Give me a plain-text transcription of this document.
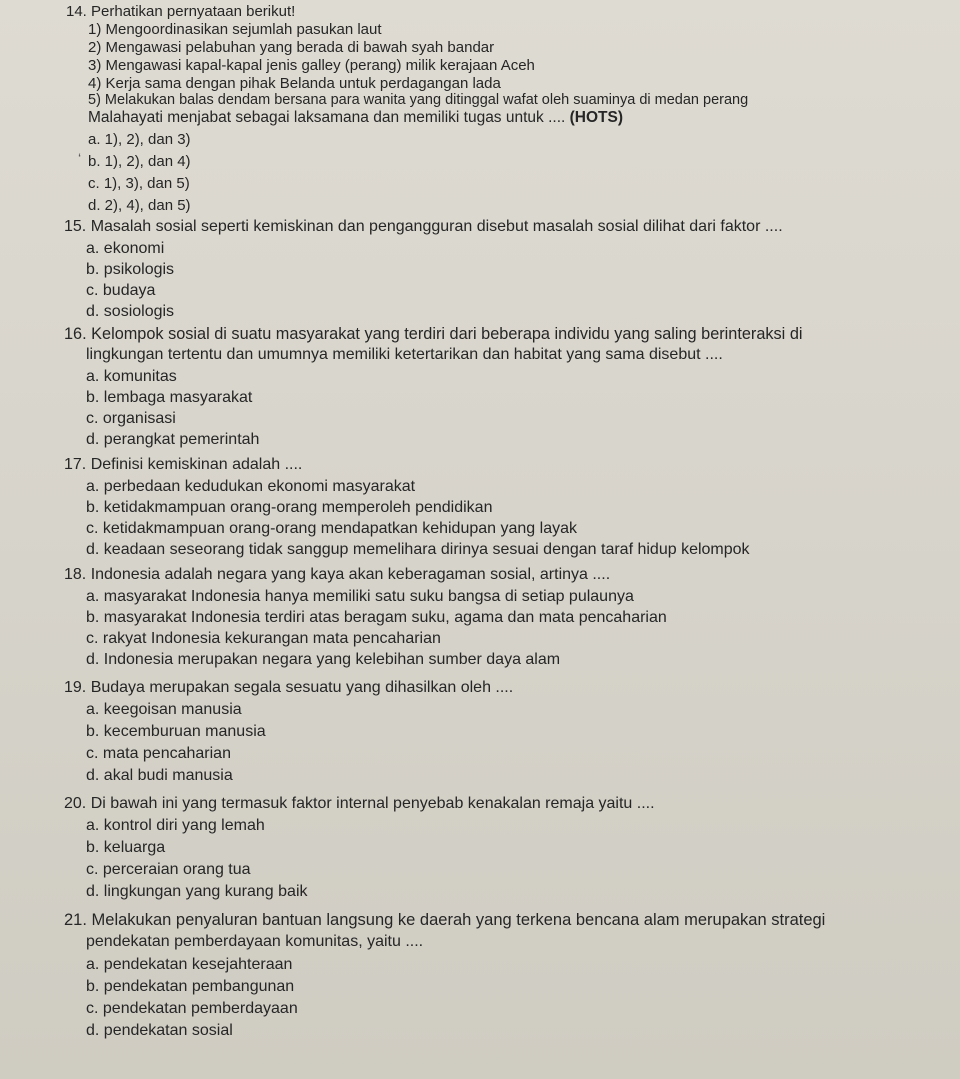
14. Perhatikan pernyataan berikut!
1) Mengoordinasikan sejumlah pasukan laut
2) Mengawasi pelabuhan yang berada di bawah syah bandar
3) Mengawasi kapal-kapal jenis galley (perang) milik kerajaan Aceh
4) Kerja sama dengan pihak Belanda untuk perdagangan lada
5) Melakukan balas dendam bersana para wanita yang ditinggal wafat oleh suaminya di medan perang
Malahayati menjabat sebagai laksamana dan memiliki tugas untuk .... (HOTS)
a. 1), 2), dan 3)
b. 1), 2), dan 4)
c. 1), 3), dan 5)
d. 2), 4), dan 5)
15. Masalah sosial seperti kemiskinan dan pengangguran disebut masalah sosial dilihat dari faktor ....
a. ekonomi
b. psikologis
c. budaya
d. sosiologis
16. Kelompok sosial di suatu masyarakat yang terdiri dari beberapa individu yang saling berinteraksi di
lingkungan tertentu dan umumnya memiliki ketertarikan dan habitat yang sama disebut ....
a. komunitas
b. lembaga masyarakat
c. organisasi
d. perangkat pemerintah
17. Definisi kemiskinan adalah ....
a. perbedaan kedudukan ekonomi masyarakat
b. ketidakmampuan orang-orang memperoleh pendidikan
c. ketidakmampuan orang-orang mendapatkan kehidupan yang layak
d. keadaan seseorang tidak sanggup memelihara dirinya sesuai dengan taraf hidup kelompok
18. Indonesia adalah negara yang kaya akan keberagaman sosial, artinya ....
a. masyarakat Indonesia hanya memiliki satu suku bangsa di setiap pulaunya
b. masyarakat Indonesia terdiri atas beragam suku, agama dan mata pencaharian
c. rakyat Indonesia kekurangan mata pencaharian
d. Indonesia merupakan negara yang kelebihan sumber daya alam
19. Budaya merupakan segala sesuatu yang dihasilkan oleh ....
a. keegoisan manusia
b. kecemburuan manusia
c. mata pencaharian
d. akal budi manusia
20. Di bawah ini yang termasuk faktor internal penyebab kenakalan remaja yaitu ....
a. kontrol diri yang lemah
b. keluarga
c. perceraian orang tua
d. lingkungan yang kurang baik
21. Melakukan penyaluran bantuan langsung ke daerah yang terkena bencana alam merupakan strategi
pendekatan pemberdayaan komunitas, yaitu ....
a. pendekatan kesejahteraan
b. pendekatan pembangunan
c. pendekatan pemberdayaan
d. pendekatan sosial
‘
